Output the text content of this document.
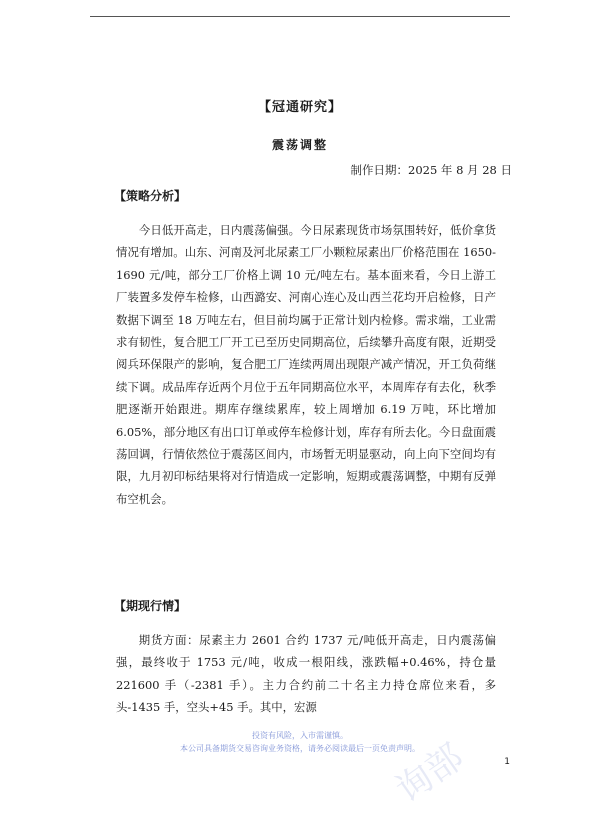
【冠通研究】
震荡调整
制作日期：2025 年 8 月 28 日
【策略分析】

今日低开高走，日内震荡偏强。今日尿素现货市场氛围转好，低价拿货情况有增加。山东、河南及河北尿素工厂小颗粒尿素出厂价格范围在 1650-1690 元/吨，部分工厂价格上调 10 元/吨左右。基本面来看，今日上游工厂装置多发停车检修，山西潞安、河南心连心及山西兰花均开启检修，日产数据下调至 18 万吨左右，但目前均属于正常计划内检修。需求端，工业需求有韧性，复合肥工厂开工已至历史同期高位，后续攀升高度有限，近期受阅兵环保限产的影响，复合肥工厂连续两周出现限产减产情况，开工负荷继续下调。成品库存近两个月位于五年同期高位水平，本周库存有去化，秋季肥逐渐开始跟进。期库存继续累库，较上周增加 6.19 万吨，环比增加 6.05%，部分地区有出口订单或停车检修计划，库存有所去化。今日盘面震荡回调，行情依然位于震荡区间内，市场暂无明显驱动，向上向下空间均有限，九月初印标结果将对行情造成一定影响，短期或震荡调整，中期有反弹布空机会。

【期现行情】

期货方面：尿素主力 2601 合约 1737 元/吨低开高走，日内震荡偏强，最终收于 1753 元/吨，收成一根阳线，涨跌幅+0.46%，持仓量 221600 手（-2381 手）。主力合约前二十名主力持仓席位来看，多头-1435 手，空头+45 手。其中，宏源

投资有风险，入市需谨慎。
本公司具备期货交易咨询业务资格，请务必阅读最后一页免责声明。
1
询部
